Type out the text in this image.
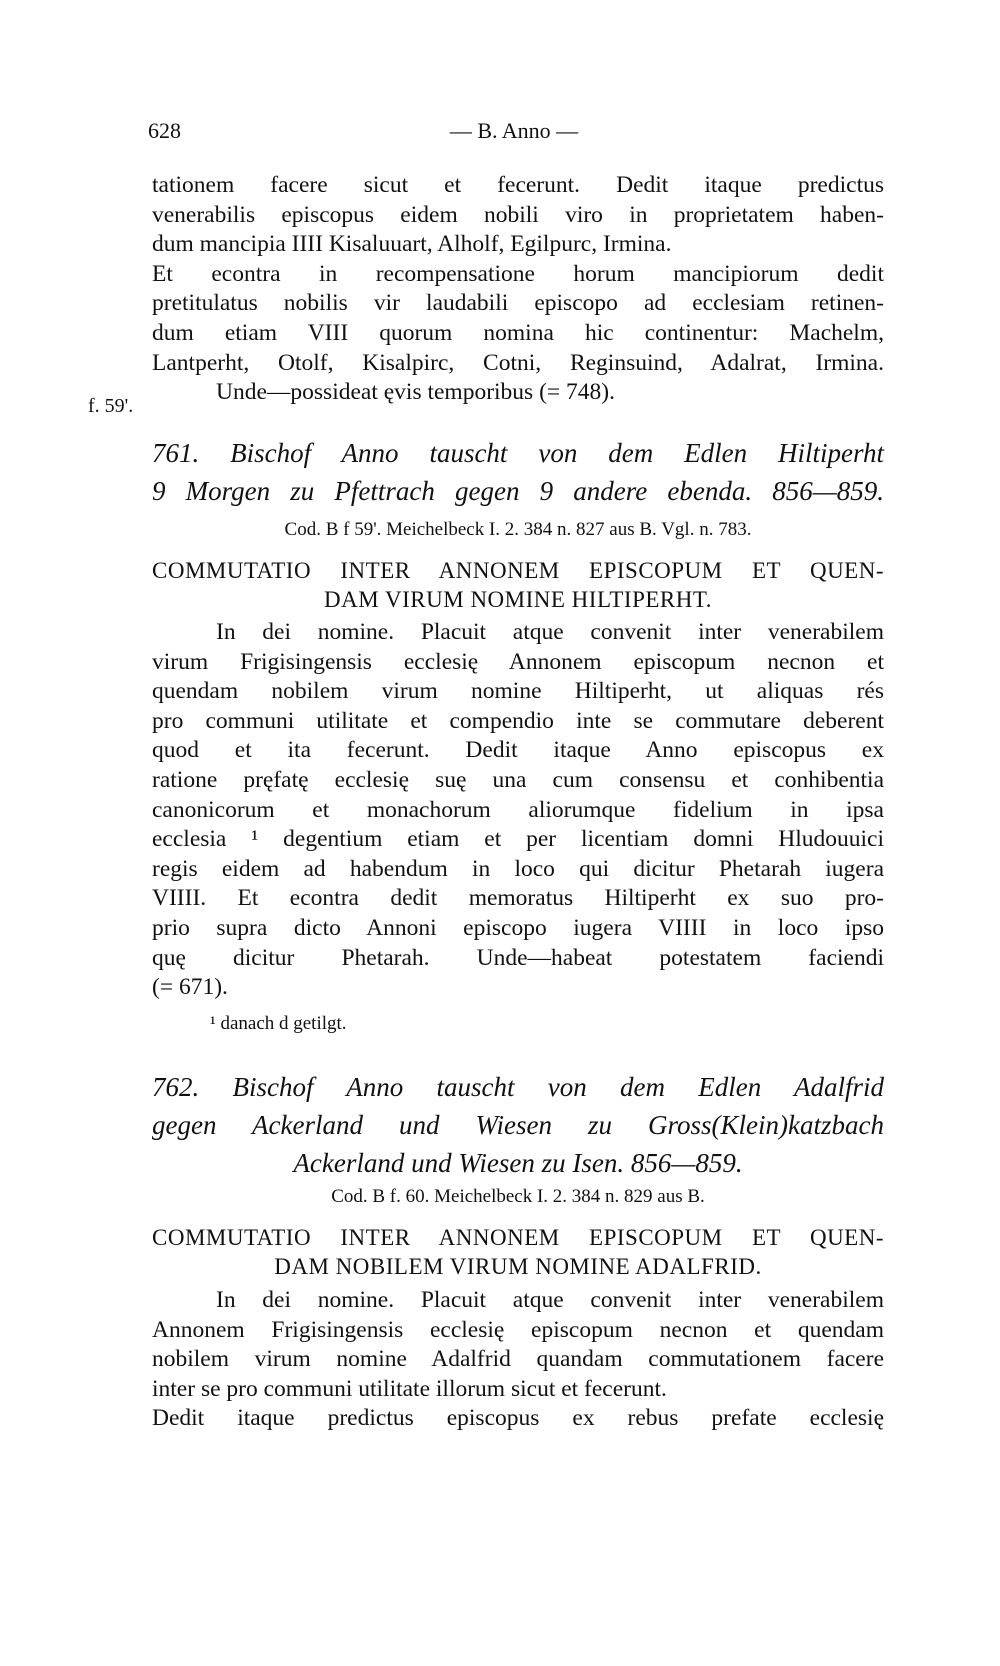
628	— B. Anno —
tationem facere sicut et fecerunt. Dedit itaque predictus
venerabilis episcopus eidem nobili viro in proprietatem haben-
dum mancipia IIII Kisaluuart, Alholf, Egilpurc, Irmina.
Et econtra in recompensatione horum mancipiorum dedit
pretitulatus nobilis vir laudabili episcopo ad ecclesiam retinen-
dum etiam VIII quorum nomina hic continentur: Machelm,
Lantperht, Otolf, Kisalpirc, Cotni, Reginsuind, Adalrat, Irmina.
Unde—possideat ęvis temporibus (= 748).
f. 59'.
761. Bischof Anno tauscht von dem Edlen Hiltiperht
9 Morgen zu Pfettrach gegen 9 andere ebenda. 856—859.
Cod. B f 59'. Meichelbeck I. 2. 384 n. 827 aus B. Vgl. n. 783.
COMMUTATIO INTER ANNONEM EPISCOPUM ET QUEN-
DAM VIRUM NOMINE HILTIPERHT.
In dei nomine. Placuit atque convenit inter venerabilem
virum Frigisingensis ecclesię Annonem episcopum necnon et
quendam nobilem virum nomine Hiltiperht, ut aliquas rés
pro communi utilitate et compendio inte se commutare deberent
quod et ita fecerunt. Dedit itaque Anno episcopus ex
ratione pręfatę ecclesię suę una cum consensu et conhibentia
canonicorum et monachorum aliorumque fidelium in ipsa
ecclesia ¹ degentium etiam et per licentiam domni Hludouuici
regis eidem ad habendum in loco qui dicitur Phetarah iugera
VIIII. Et econtra dedit memoratus Hiltiperht ex suo pro-
prio supra dicto Annoni episcopo iugera VIIII in loco ipso
quę dicitur Phetarah. Unde—habeat potestatem faciendi
(= 671).
¹ danach d getilgt.
762. Bischof Anno tauscht von dem Edlen Adalfrid
gegen Ackerland und Wiesen zu Gross(Klein)katzbach
Ackerland und Wiesen zu Isen. 856—859.
Cod. B f. 60. Meichelbeck I. 2. 384 n. 829 aus B.
COMMUTATIO INTER ANNONEM EPISCOPUM ET QUEN-
DAM NOBILEM VIRUM NOMINE ADALFRID.
In dei nomine. Placuit atque convenit inter venerabilem
Annonem Frigisingensis ecclesię episcopum necnon et quendam
nobilem virum nomine Adalfrid quandam commutationem facere
inter se pro communi utilitate illorum sicut et fecerunt.
Dedit itaque predictus episcopus ex rebus prefate ecclesię
